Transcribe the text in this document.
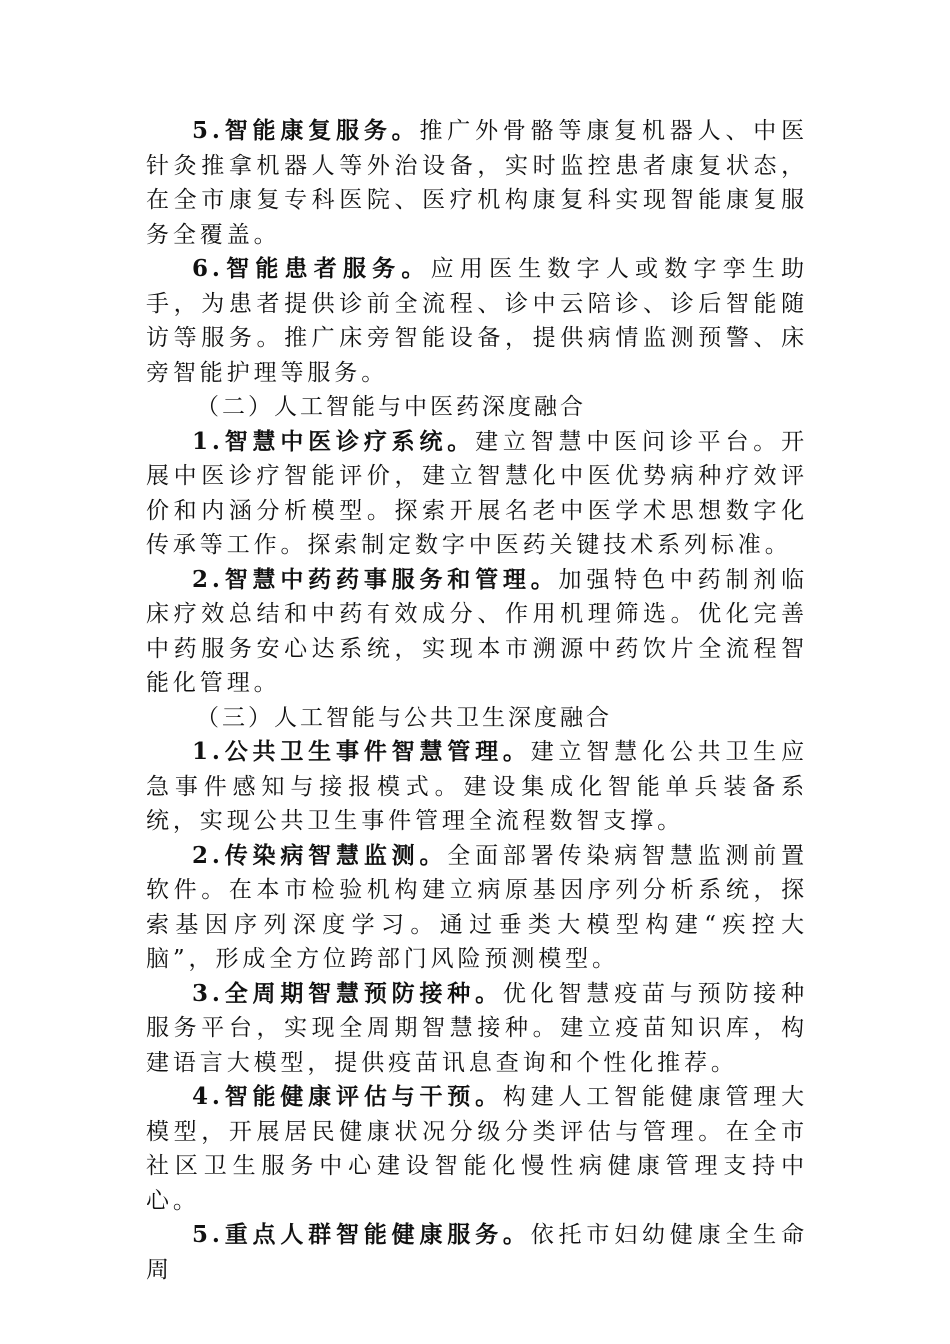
5.智能康复服务。推广外骨骼等康复机器人、中医针灸推拿机器人等外治设备，实时监控患者康复状态，在全市康复专科医院、医疗机构康复科实现智能康复服务全覆盖。

6.智能患者服务。应用医生数字人或数字孪生助手，为患者提供诊前全流程、诊中云陪诊、诊后智能随访等服务。推广床旁智能设备，提供病情监测预警、床旁智能护理等服务。

（二）人工智能与中医药深度融合

1.智慧中医诊疗系统。建立智慧中医问诊平台。开展中医诊疗智能评价，建立智慧化中医优势病种疗效评价和内涵分析模型。探索开展名老中医学术思想数字化传承等工作。探索制定数字中医药关键技术系列标准。

2.智慧中药药事服务和管理。加强特色中药制剂临床疗效总结和中药有效成分、作用机理筛选。优化完善中药服务安心达系统，实现本市溯源中药饮片全流程智能化管理。

（三）人工智能与公共卫生深度融合

1.公共卫生事件智慧管理。建立智慧化公共卫生应急事件感知与接报模式。建设集成化智能单兵装备系统，实现公共卫生事件管理全流程数智支撑。

2.传染病智慧监测。全面部署传染病智慧监测前置软件。在本市检验机构建立病原基因序列分析系统，探索基因序列深度学习。通过垂类大模型构建“疾控大脑”，形成全方位跨部门风险预测模型。

3.全周期智慧预防接种。优化智慧疫苗与预防接种服务平台，实现全周期智慧接种。建立疫苗知识库，构建语言大模型，提供疫苗讯息查询和个性化推荐。

4.智能健康评估与干预。构建人工智能健康管理大模型，开展居民健康状况分级分类评估与管理。在全市社区卫生服务中心建设智能化慢性病健康管理支持中心。

5.重点人群智能健康服务。依托市妇幼健康全生命周
